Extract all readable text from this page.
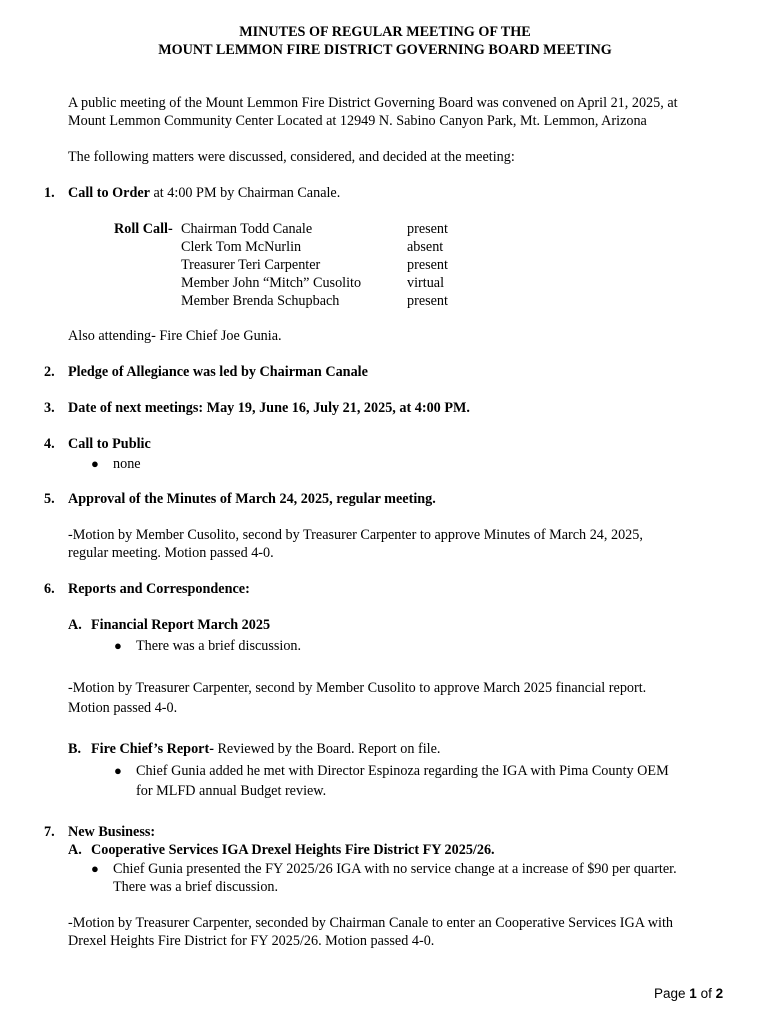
MINUTES OF REGULAR MEETING OF THE
MOUNT LEMMON FIRE DISTRICT GOVERNING BOARD MEETING
A public meeting of the Mount Lemmon Fire District Governing Board was convened on April 21, 2025, at
Mount Lemmon Community Center Located at 12949 N. Sabino Canyon Park, Mt. Lemmon, Arizona
The following matters were discussed, considered, and decided at the meeting:
1. Call to Order at 4:00 PM by Chairman Canale.
Roll Call- Chairman Todd Canale	present
Clerk Tom McNurlin	absent
Treasurer Teri Carpenter	present
Member John “Mitch” Cusolito	virtual
Member Brenda Schupbach	present
Also attending- Fire Chief Joe Gunia.
2. Pledge of Allegiance was led by Chairman Canale
3. Date of next meetings: May 19, June 16, July 21, 2025, at 4:00 PM.
4. Call to Public
● none
5. Approval of the Minutes of March 24, 2025, regular meeting.
-Motion by Member Cusolito, second by Treasurer Carpenter to approve Minutes of March 24, 2025,
regular meeting. Motion passed 4-0.
6. Reports and Correspondence:
A. Financial Report March 2025
● There was a brief discussion.
-Motion by Treasurer Carpenter, second by Member Cusolito to approve March 2025 financial report.
Motion passed 4-0.
B. Fire Chief’s Report- Reviewed by the Board. Report on file.
● Chief Gunia added he met with Director Espinoza regarding the IGA with Pima County OEM
for MLFD annual Budget review.
7. New Business:
A. Cooperative Services IGA Drexel Heights Fire District FY 2025/26.
● Chief Gunia presented the FY 2025/26 IGA with no service change at a increase of $90 per quarter.
There was a brief discussion.
-Motion by Treasurer Carpenter, seconded by Chairman Canale to enter an Cooperative Services IGA with
Drexel Heights Fire District for FY 2025/26. Motion passed 4-0.
Page 1 of 2
